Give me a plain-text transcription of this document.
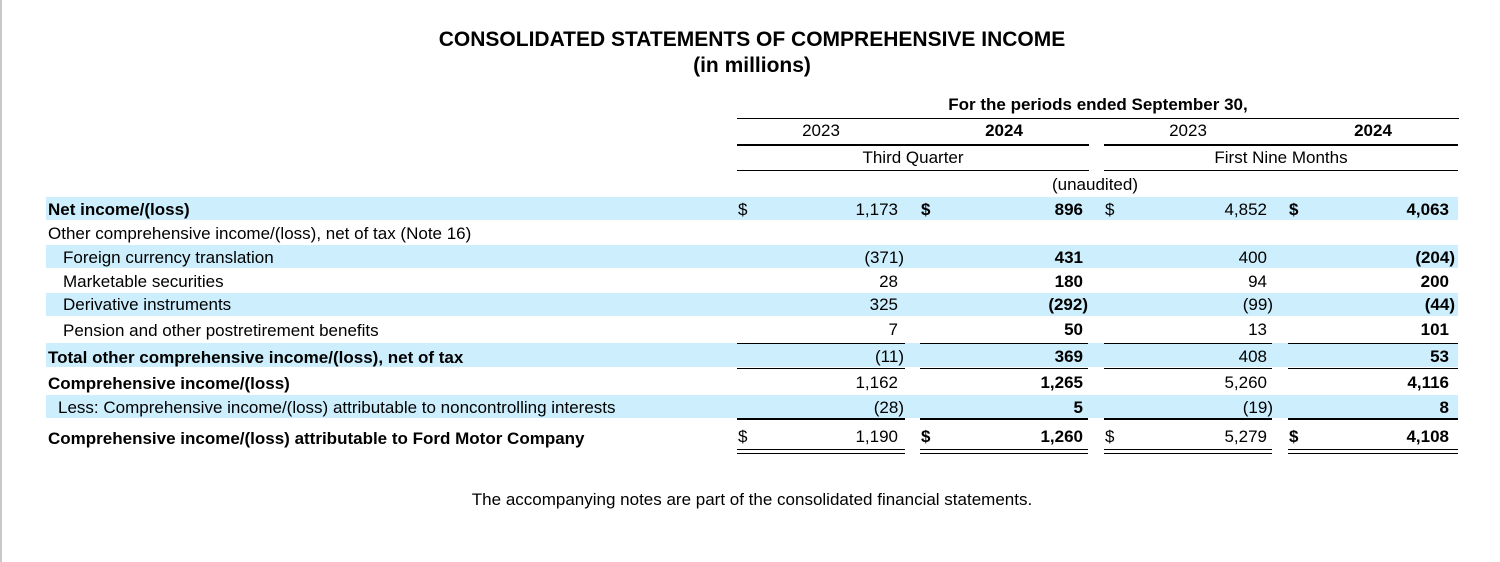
CONSOLIDATED STATEMENTS OF COMPREHENSIVE INCOME
(in millions)
For the periods ended September 30,
2023	2024	2023	2024
Third Quarter	First Nine Months
(unaudited)
Net income/(loss)	$	1,173 $	896 $	4,852 $	4,063
Other comprehensive income/(loss), net of tax (Note 16)
Foreign currency translation	(371)	431	400	(204)
Marketable securities	28	180	94	200
Derivative instruments	325	(292)	(99)	(44)
Pension and other postretirement benefits	7	50	13	101
Total other comprehensive income/(loss), net of tax	(11)	369	408	53
Comprehensive income/(loss)	1,162	1,265	5,260	4,116
Less: Comprehensive income/(loss) attributable to noncontrolling interests	(28)	5	(19)	8
Comprehensive income/(loss) attributable to Ford Motor Company	$	1,190 $	1,260 $	5,279 $	4,108
The accompanying notes are part of the consolidated financial statements.
